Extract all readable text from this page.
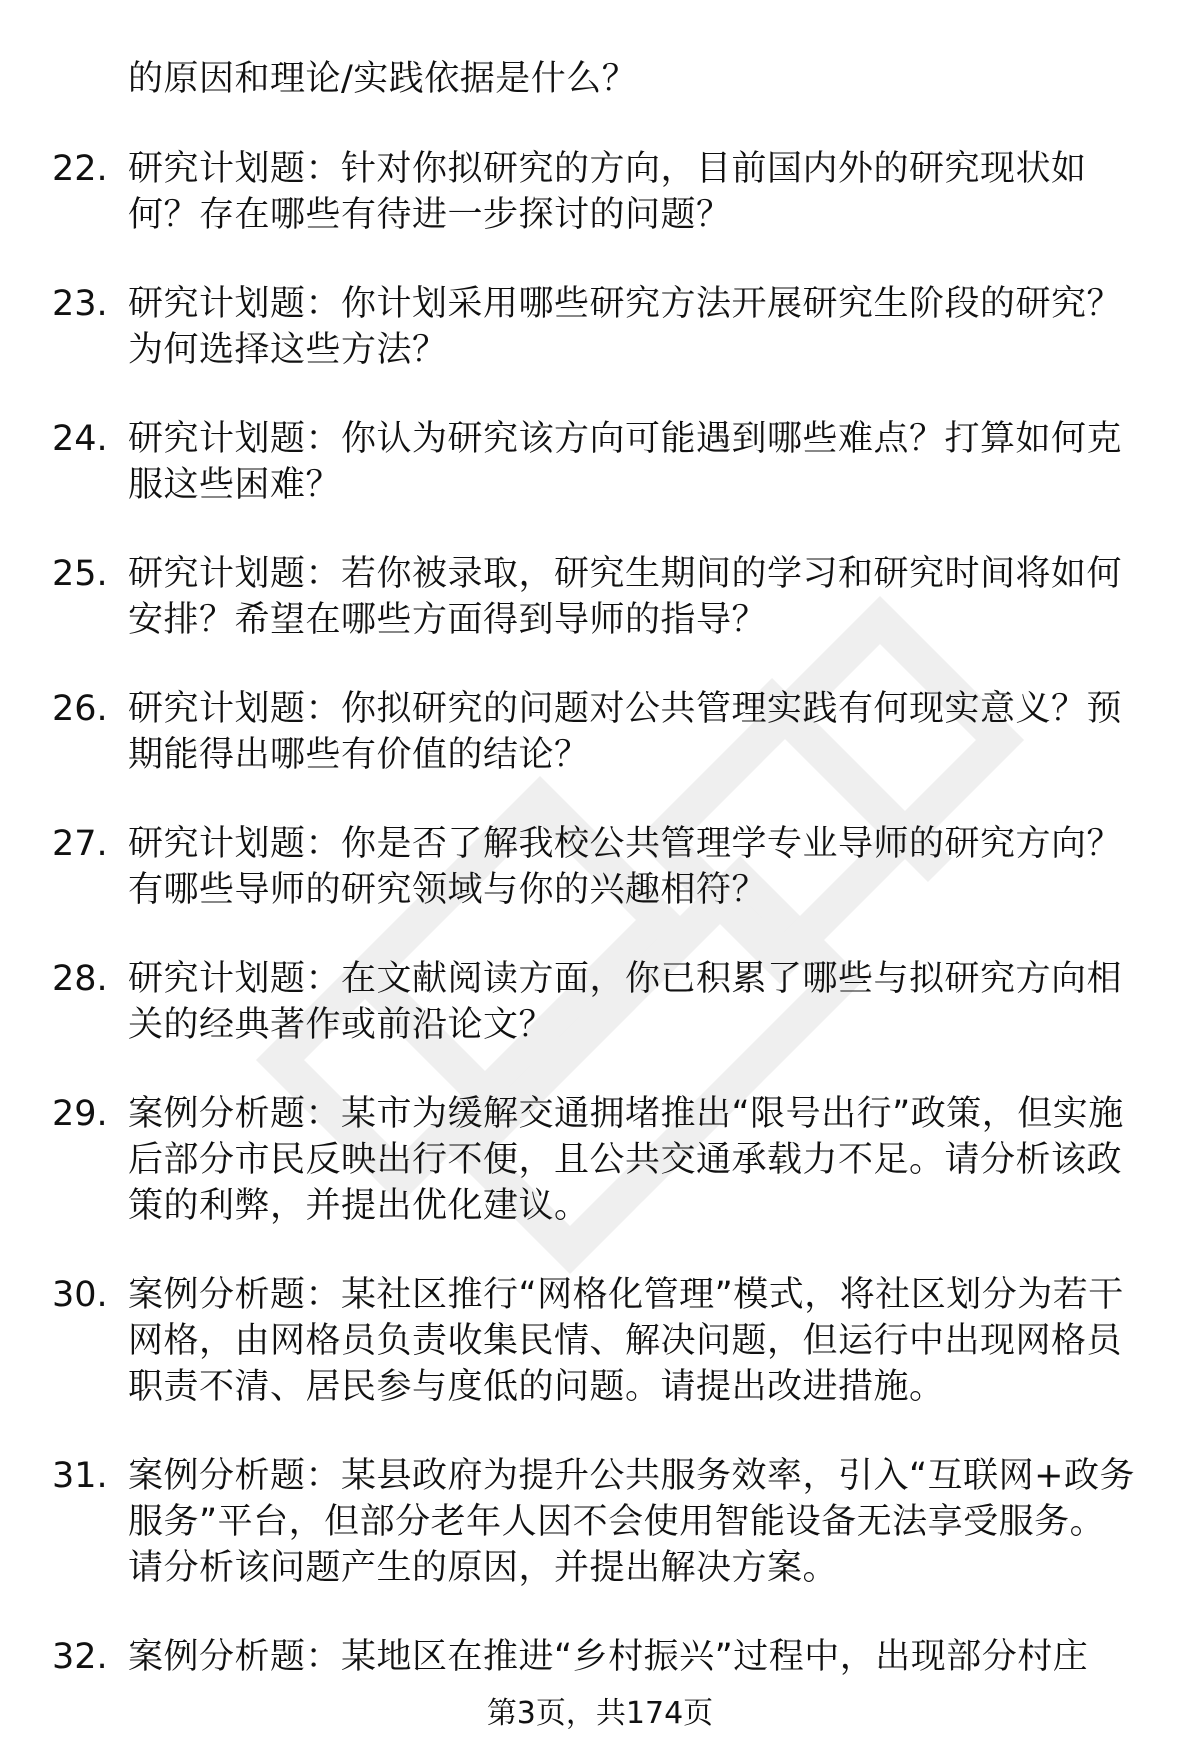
的原因和理论/实践依据是什么？
22. 研究计划题：针对你拟研究的方向，目前国内外的研究现状如何？存在哪些有待进一步探讨的问题？
23. 研究计划题：你计划采用哪些研究方法开展研究生阶段的研究？为何选择这些方法？
24. 研究计划题：你认为研究该方向可能遇到哪些难点？打算如何克服这些困难？
25. 研究计划题：若你被录取，研究生期间的学习和研究时间将如何安排？希望在哪些方面得到导师的指导？
26. 研究计划题：你拟研究的问题对公共管理实践有何现实意义？预期能得出哪些有价值的结论？
27. 研究计划题：你是否了解我校公共管理学专业导师的研究方向？有哪些导师的研究领域与你的兴趣相符？
28. 研究计划题：在文献阅读方面，你已积累了哪些与拟研究方向相关的经典著作或前沿论文？
29. 案例分析题：某市为缓解交通拥堵推出“限号出行”政策，但实施后部分市民反映出行不便，且公共交通承载力不足。请分析该政策的利弊，并提出优化建议。
30. 案例分析题：某社区推行“网格化管理”模式，将社区划分为若干网格，由网格员负责收集民情、解决问题，但运行中出现网格员职责不清、居民参与度低的问题。请提出改进措施。
31. 案例分析题：某县政府为提升公共服务效率，引入“互联网+政务服务”平台，但部分老年人因不会使用智能设备无法享受服务。请分析该问题产生的原因，并提出解决方案。
32. 案例分析题：某地区在推进“乡村振兴”过程中，出现部分村庄
第3页，共174页
